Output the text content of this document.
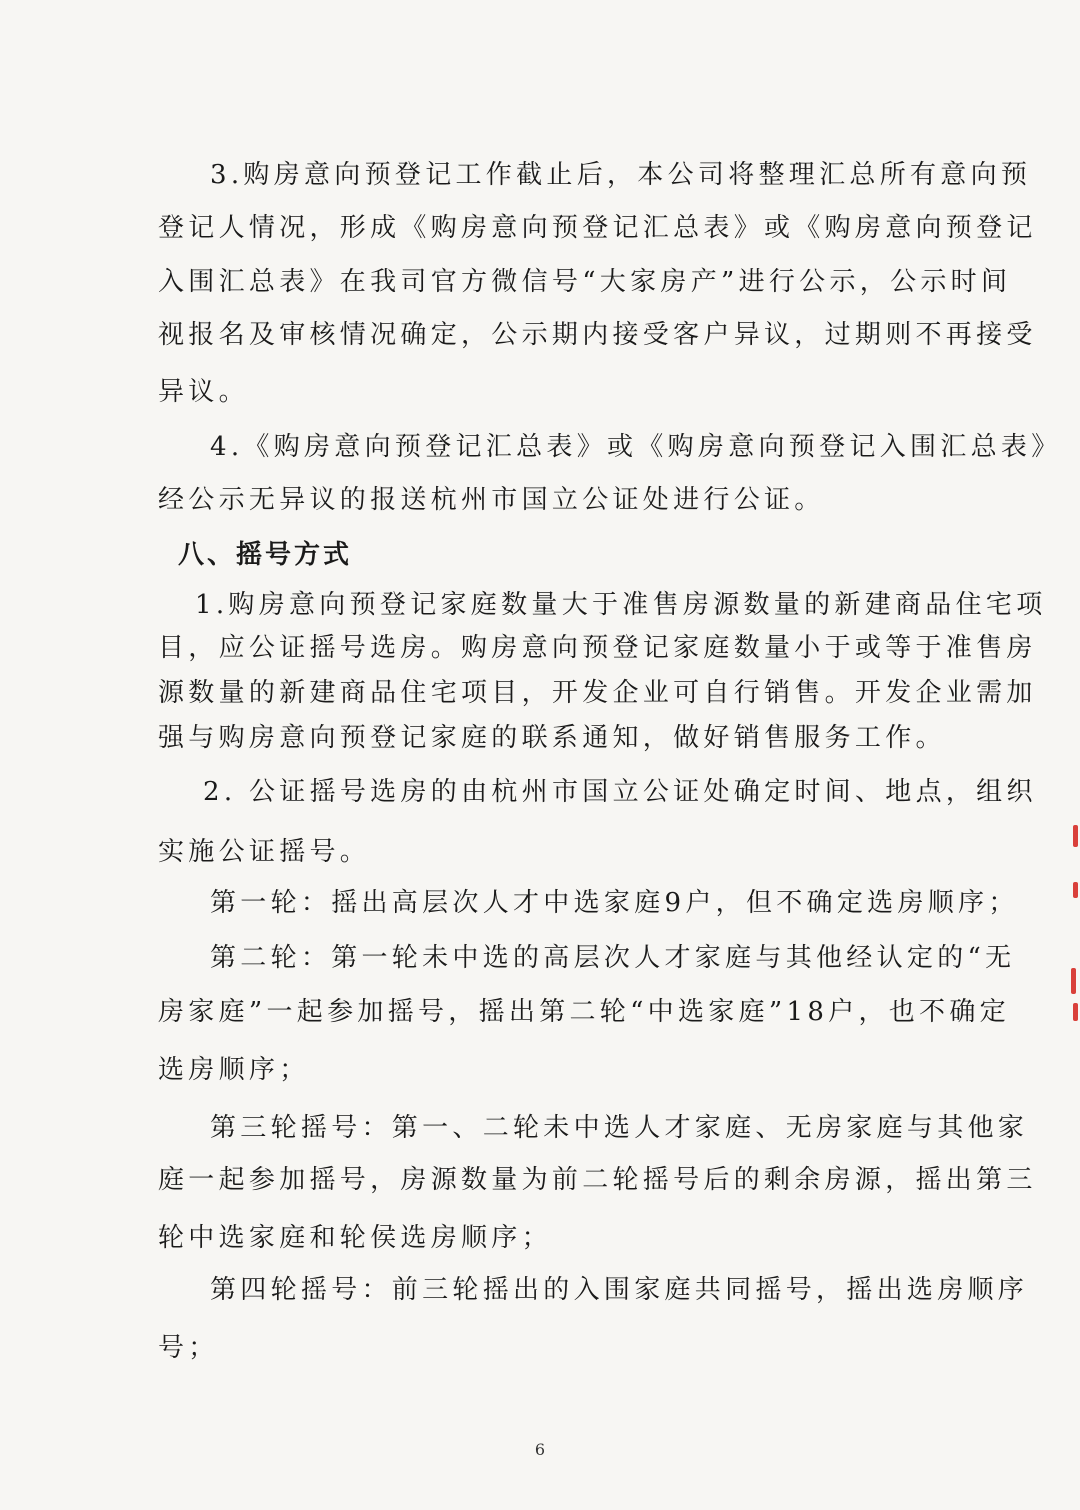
3.购房意向预登记工作截止后，本公司将整理汇总所有意向预
登记人情况，形成《购房意向预登记汇总表》或《购房意向预登记
入围汇总表》在我司官方微信号“大家房产”进行公示，公示时间
视报名及审核情况确定，公示期内接受客户异议，过期则不再接受
异议。
4.《购房意向预登记汇总表》或《购房意向预登记入围汇总表》
经公示无异议的报送杭州市国立公证处进行公证。
八、摇号方式
1.购房意向预登记家庭数量大于准售房源数量的新建商品住宅项
目，应公证摇号选房。购房意向预登记家庭数量小于或等于准售房
源数量的新建商品住宅项目，开发企业可自行销售。开发企业需加
强与购房意向预登记家庭的联系通知，做好销售服务工作。
2. 公证摇号选房的由杭州市国立公证处确定时间、地点，组织
实施公证摇号。
第一轮：摇出高层次人才中选家庭9户，但不确定选房顺序；
第二轮：第一轮未中选的高层次人才家庭与其他经认定的“无
房家庭”一起参加摇号，摇出第二轮“中选家庭”18户，也不确定
选房顺序；
第三轮摇号：第一、二轮未中选人才家庭、无房家庭与其他家
庭一起参加摇号，房源数量为前二轮摇号后的剩余房源，摇出第三
轮中选家庭和轮侯选房顺序；
第四轮摇号：前三轮摇出的入围家庭共同摇号，摇出选房顺序
号；
6
